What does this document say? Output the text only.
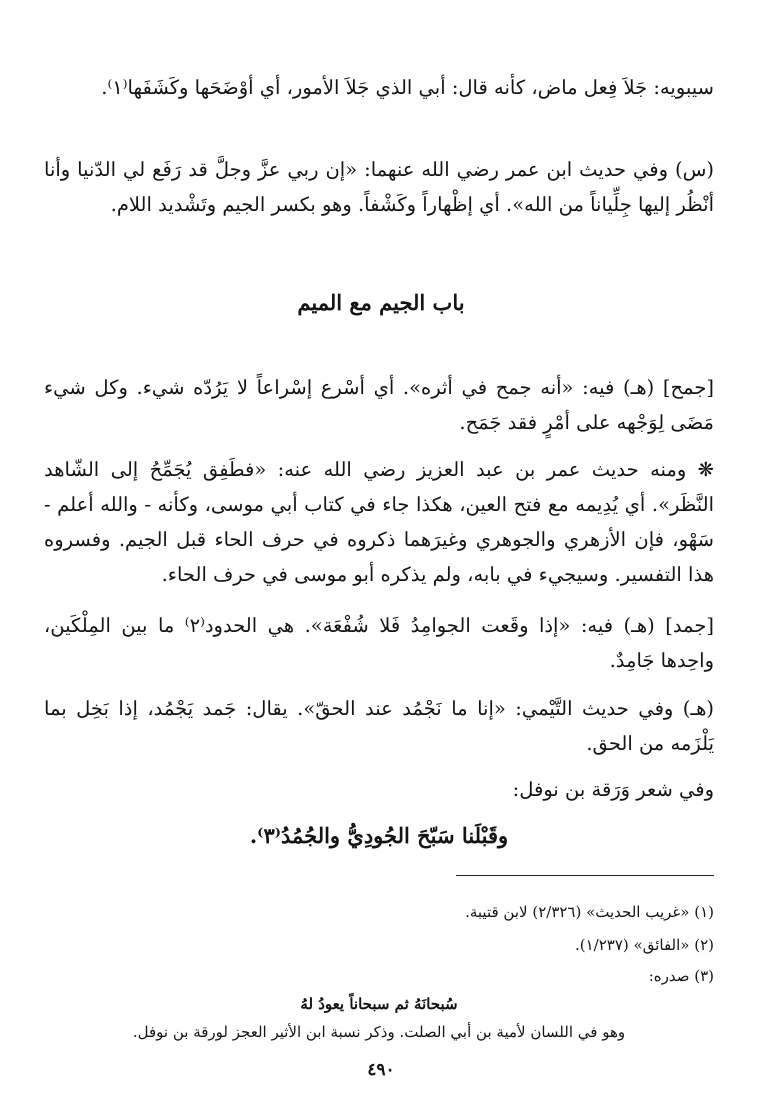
سيبويه: جَلاَ فِعل ماض، كأنه قال: أبي الذي جَلاَ الأمور، أي أوْضَحَها وكَشَفَها⁽١⁾.
(س) وفي حديث ابن عمر رضي الله عنهما: «إن ربي عزَّ وجلَّ قد رَفَع لي الدّنيا وأنا أنْظُر إليها جِلِّياناً من الله». أي إظْهاراً وكَشْفاً. وهو بكسر الجيم وتَشْديد اللام.
باب الجيم مع الميم
[جمح] (هـ) فيه: «أنه جمح في أثره». أي أسْرع إسْراعاً لا يَرُدّه شيء. وكل شيء مَضَى لِوَجْهه على أمْرٍ فقد جَمَح.
❋ ومنه حديث عمر بن عبد العزيز رضي الله عنه: «فطَفِق يُجَمِّحُ إلى الشّاهد النَّظَر». أي يُدِيمه مع فتح العين، هكذا جاء في كتاب أبي موسى، وكأنه - والله أعلم - سَهْو، فإن الأزهري والجوهري وغيرَهما ذكروه في حرف الحاء قبل الجيم. وفسروه هذا التفسير. وسيجيء في بابه، ولم يذكره أبو موسى في حرف الحاء.
[جمد] (هـ) فيه: «إذا وقَعت الجوامِدُ فَلا شُفْعَة». هي الحدود⁽٢⁾ ما بين المِلْكَين، واحِدها جَامِدٌ.
(هـ) وفي حديث التَّيْمي: «إنا ما نَجْمُد عند الحقّ». يقال: جَمد يَجْمُد، إذا بَخِل بما يَلْزَمه من الحق.
وفي شعر وَرَقة بن نوفل:
وقَبْلَنا سَبّحَ الجُودِيُّ والجُمُدُ⁽٣⁾.
(١) «غريب الحديث» (٢/٣٢٦) لابن قتيبة.
(٢) «الفائق» (١/٢٣٧).
(٣) صدره:
سُبحانَهُ ثم سبحاناً يعودُ لهُ
وهو في اللسان لأمية بن أبي الصلت. وذكر نسبة ابن الأثير العجز لورقة بن نوفل.
٤٩٠
